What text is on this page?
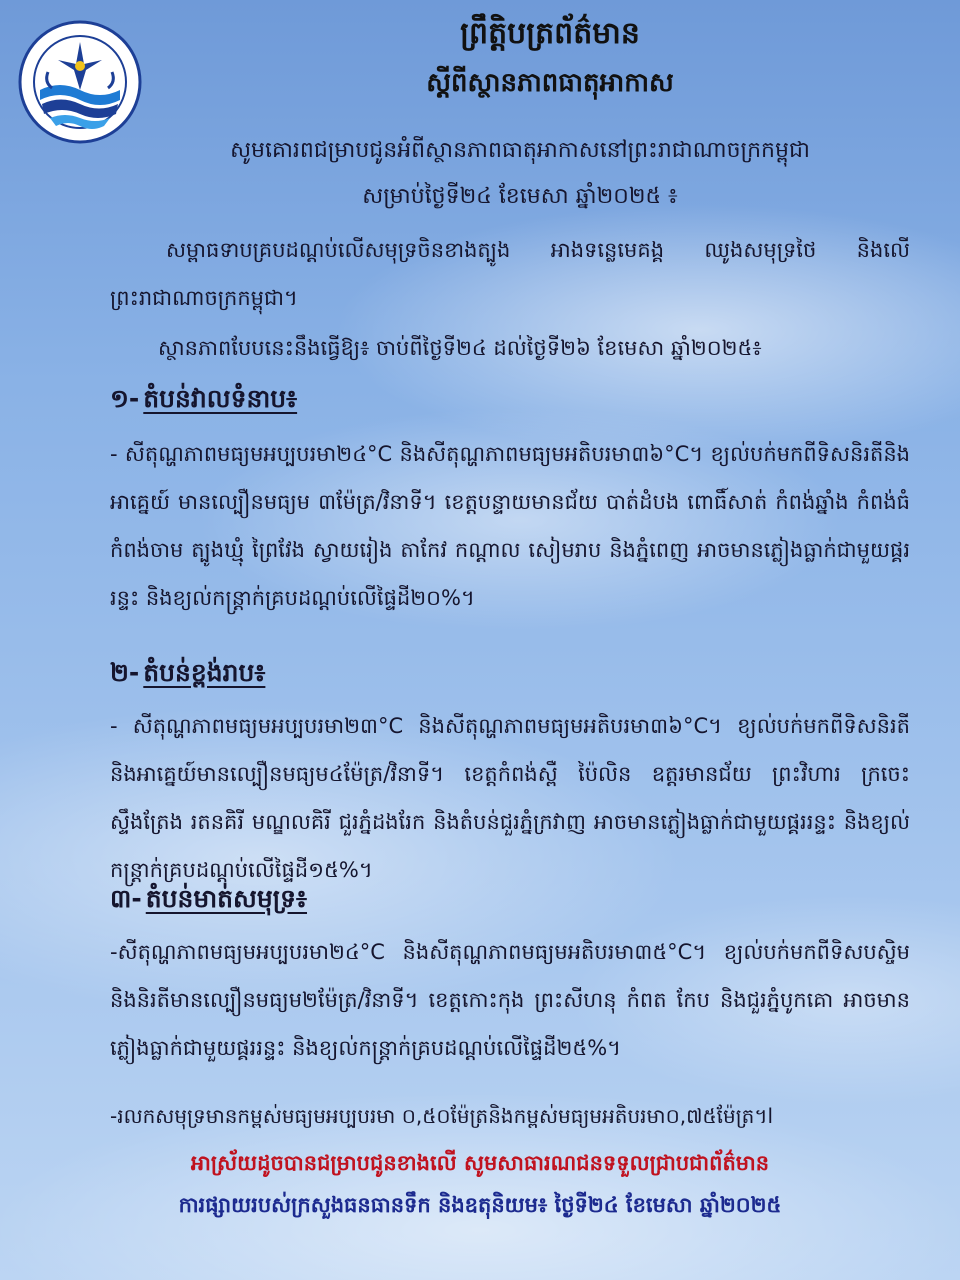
ព្រឹត្តិបត្រព័ត៌មាន
ស្ដីពីស្ថានភាពធាតុអាកាស
សូមគោរពជម្រាបជូនអំពីស្ថានភាពធាតុអាកាសនៅព្រះរាជាណាចក្រកម្ពុជា
សម្រាប់ថ្ងៃទី២៤ ខែមេសា ឆ្នាំ២០២៥ ៖
សម្ពាធទាបគ្របដណ្តប់លើសមុទ្រចិនខាងត្បូង អាងទន្លេមេគង្គ ឈូងសមុទ្រថៃ និងលើព្រះរាជាណាចក្រកម្ពុជា។
ស្ថានភាពបែបនេះនឹងធ្វើឱ្យ៖ ចាប់ពីថ្ងៃទី២៤ ដល់ថ្ងៃទី២៦ ខែមេសា ឆ្នាំ២០២៥៖
១- តំបន់វាលទំនាប៖
- សីតុណ្ហភាពមធ្យមអប្បបរមា២៤°C និងសីតុណ្ហភាពមធ្យមអតិបរមា៣៦°C។ ខ្យល់បក់មកពីទិសនិរតីនិងអាគ្នេយ៍ មានល្បឿនមធ្យម ៣ម៉ែត្រ/វិនាទី។ ខេត្តបន្ទាយមានជ័យ បាត់ដំបង ពោធិ៍សាត់ កំពង់ឆ្នាំង កំពង់ធំ កំពង់ចាម ត្បូងឃ្មុំ ព្រៃវែង ស្វាយរៀង តាកែវ កណ្តាល សៀមរាប និងភ្នំពេញ អាចមានភ្លៀងធ្លាក់ជាមួយផ្គររន្ទះ និងខ្យល់កន្ត្រាក់គ្របដណ្តប់លើផ្ទៃដី២០%។
២- តំបន់ខ្ពង់រាប៖
- សីតុណ្ហភាពមធ្យមអប្បបរមា២៣°C និងសីតុណ្ហភាពមធ្យមអតិបរមា៣៦°C។ ខ្យល់បក់មកពីទិសនិរតីនិងអាគ្នេយ៍មានល្បឿនមធ្យម៤ម៉ែត្រ/វិនាទី។ ខេត្តកំពង់ស្ពឺ ប៉ៃលិន ឧត្តរមានជ័យ ព្រះវិហារ ក្រចេះ ស្ទឹងត្រែង រតនគិរី មណ្ឌលគិរី ជួរភ្នំដងរែក និងតំបន់ជួរភ្នំក្រវាញ អាចមានភ្លៀងធ្លាក់ជាមួយផ្គររន្ទះ និងខ្យល់កន្ត្រាក់គ្របដណ្តប់លើផ្ទៃដី១៥%។
៣- តំបន់មាត់សមុទ្រ៖
-សីតុណ្ហភាពមធ្យមអប្បបរមា២៤°C និងសីតុណ្ហភាពមធ្យមអតិបរមា៣៥°C។ ខ្យល់បក់មកពីទិសបស្ចិមនិងនិរតីមានល្បឿនមធ្យម២ម៉ែត្រ/វិនាទី។ ខេត្តកោះកុង ព្រះសីហនុ កំពត កែប និងជួរភ្នំបូកគោ អាចមានភ្លៀងធ្លាក់ជាមួយផ្គររន្ទះ និងខ្យល់កន្ត្រាក់គ្របដណ្តប់លើផ្ទៃដី២៥%។
-រលកសមុទ្រមានកម្ពស់មធ្យមអប្បបរមា ០,៥០ម៉ែត្រនិងកម្ពស់មធ្យមអតិបរមា០,៧៥ម៉ែត្រ។l
អាស្រ័យដូចបានជម្រាបជូនខាងលើ សូមសាធារណជនទទួលជ្រាបជាព័ត៌មាន
ការផ្សាយរបស់ក្រសួងធនធានទឹក និងឧតុនិយម៖ ថ្ងៃទី២៤ ខែមេសា ឆ្នាំ២០២៥
